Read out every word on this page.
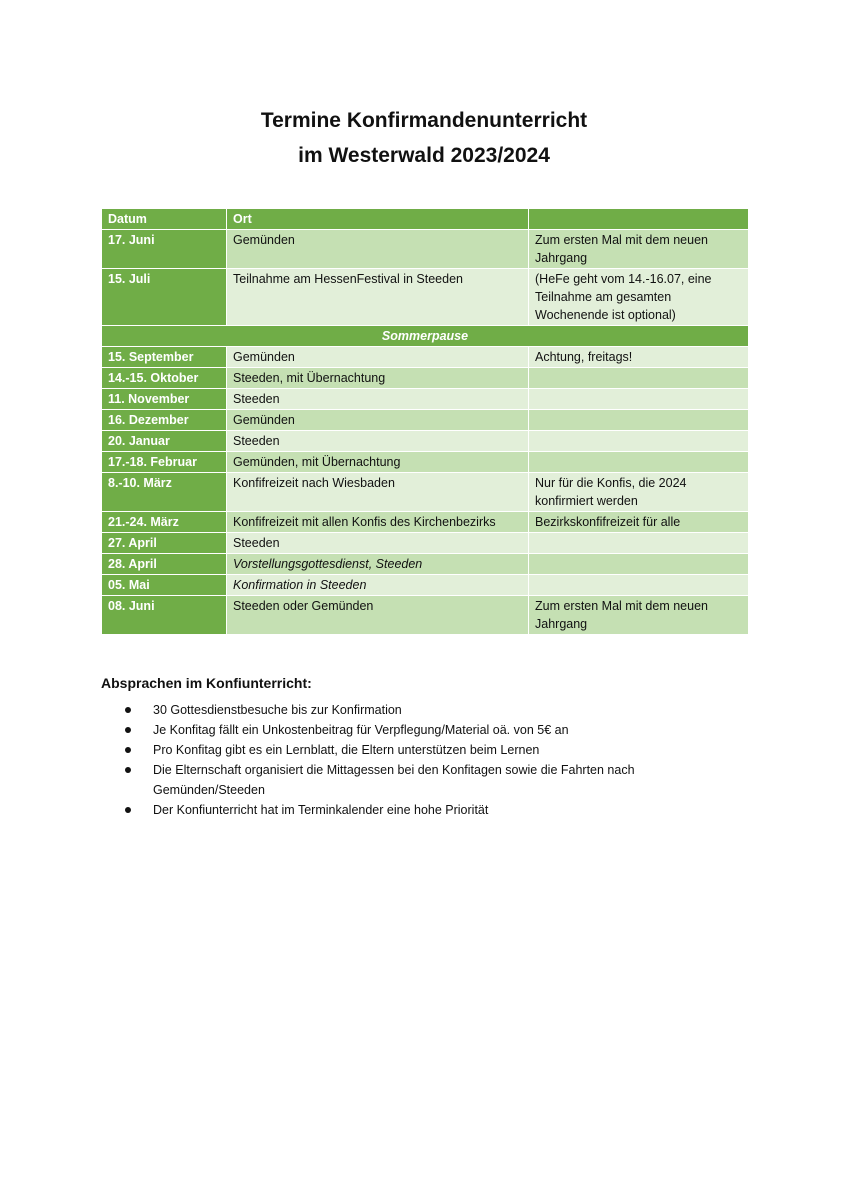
Termine Konfirmandenunterricht
im Westerwald 2023/2024
Datum	Ort	
17. Juni	Gemünden	Zum ersten Mal mit dem neuen Jahrgang
15. Juli	Teilnahme am HessenFestival in Steeden	(HeFe geht vom 14.-16.07, eine Teilnahme am gesamten Wochenende ist optional)
Sommerpause		
15. September	Gemünden	Achtung, freitags!
14.-15. Oktober	Steeden, mit Übernachtung	
11. November	Steeden	
16. Dezember	Gemünden	
20. Januar	Steeden	
17.-18. Februar	Gemünden, mit Übernachtung	
8.-10. März	Konfifreizeit nach Wiesbaden	Nur für die Konfis, die 2024 konfirmiert werden
21.-24. März	Konfifreizeit mit allen Konfis des Kirchenbezirks	Bezirkskonfifreizeit für alle
27. April	Steeden	
28. April	Vorstellungsgottesdienst, Steeden	
05. Mai	Konfirmation in Steeden	
08. Juni	Steeden oder Gemünden	Zum ersten Mal mit dem neuen Jahrgang
Absprachen im Konfiunterricht:
30 Gottesdienstbesuche bis zur Konfirmation
Je Konfitag fällt ein Unkostenbeitrag für Verpflegung/Material oä. von 5€ an
Pro Konfitag gibt es ein Lernblatt, die Eltern unterstützen beim Lernen
Die Elternschaft organisiert die Mittagessen bei den Konfitagen sowie die Fahrten nach Gemünden/Steeden
Der Konfiunterricht hat im Terminkalender eine hohe Priorität
